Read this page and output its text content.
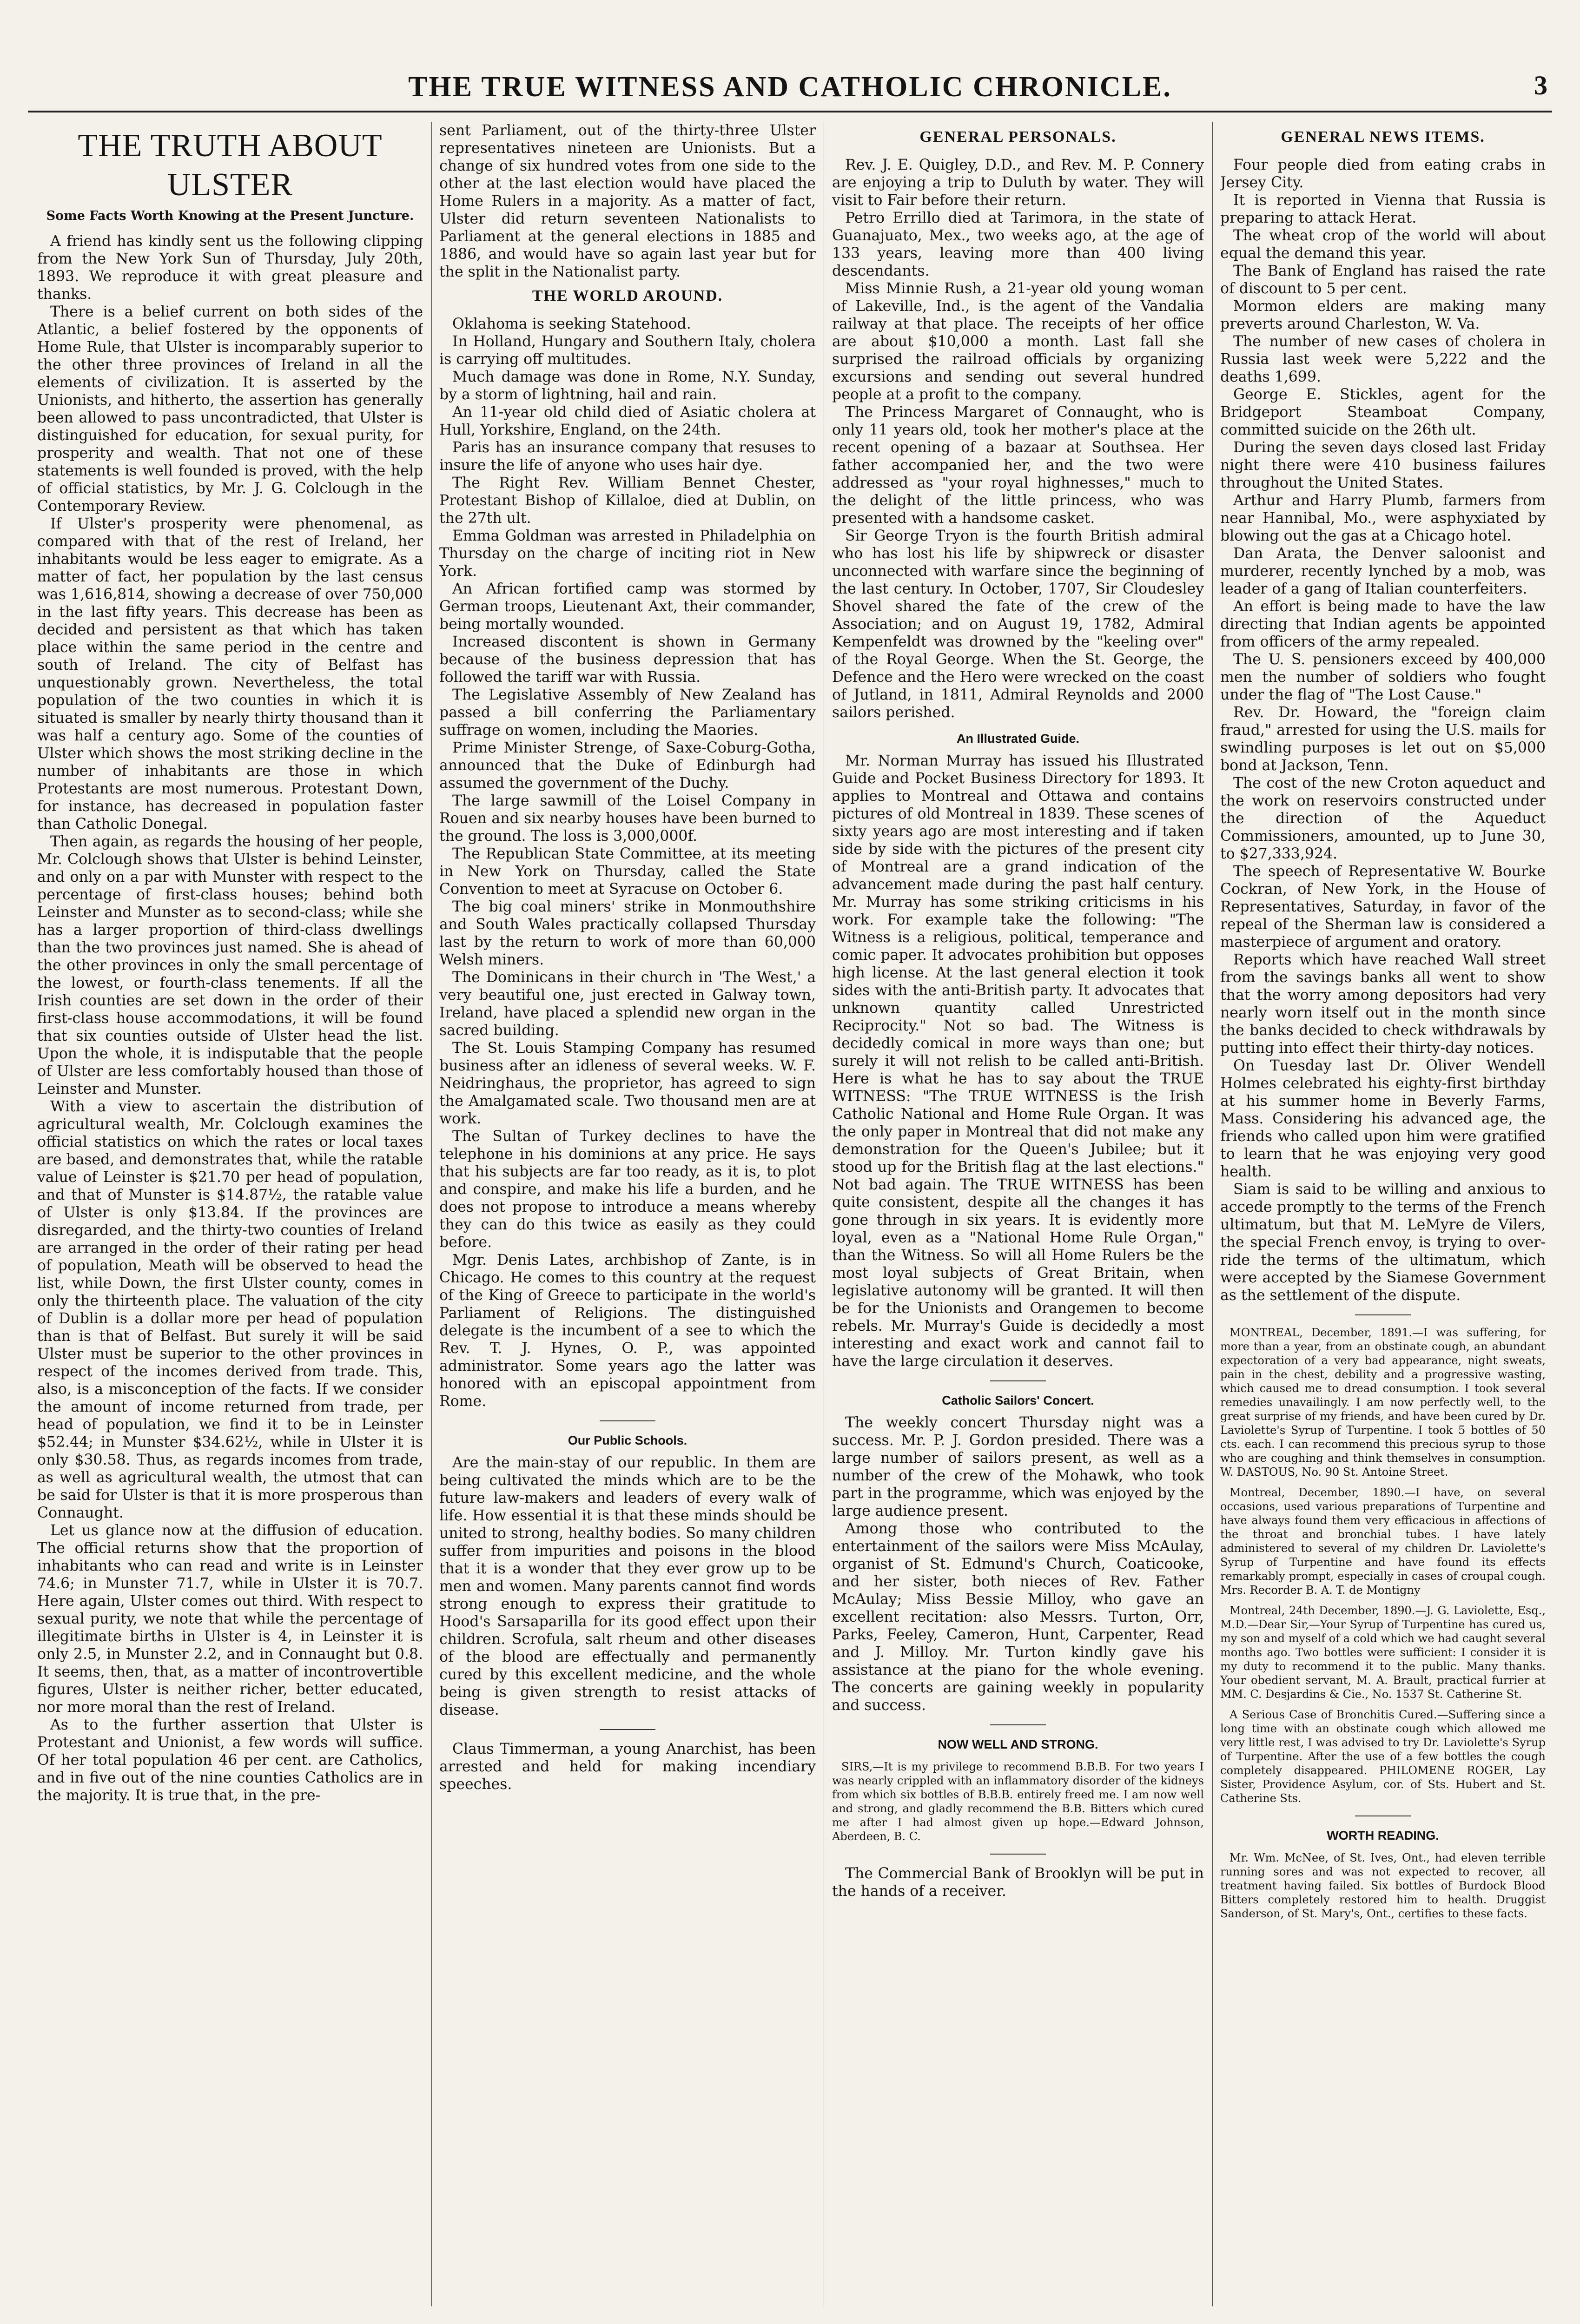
THE TRUE WITNESS AND CATHOLIC CHRONICLE.	3
THE TRUTH ABOUT ULSTER
Some Facts Worth Knowing at the Present Juncture.

A friend has kindly sent us the following clipping from the New York Sun of Thursday, July 20th, 1893. We reproduce it with great pleasure and thanks.

There is a belief current on both sides of the Atlantic, a belief fostered by the opponents of Home Rule, that Ulster is incomparably superior to the other three provinces of Ireland in all the elements of civilization. It is asserted by the Unionists, and hitherto, the assertion has generally been allowed to pass uncontradicted, that Ulster is distinguished for education, for sexual purity, for prosperity and wealth. That not one of these statements is well founded is proved, with the help of official statistics, by Mr. J. G. Colclough in the Contemporary Review.

If Ulster's prosperity were phenomenal, as compared with that of the rest of Ireland, her inhabitants would be less eager to emigrate. As a matter of fact, her population by the last census was 1,616,814, showing a decrease of over 750,000 in the last fifty years. This decrease has been as decided and persistent as that which has taken place within the same period in the centre and south of Ireland. The city of Belfast has unquestionably grown. Nevertheless, the total population of the two counties in which it is situated is smaller by nearly thirty thousand than it was half a century ago. Some of the counties of Ulster which shows the most striking decline in the number of inhabitants are those in which Protestants are most numerous. Protestant Down, for instance, has decreased in population faster than Catholic Donegal.

Then again, as regards the housing of her people, Mr. Colclough shows that Ulster is behind Leinster, and only on a par with Munster with respect to the percentage of first-class houses; behind both Leinster and Munster as to second-class; while she has a larger proportion of third-class dwellings than the two provinces just named. She is ahead of the other provinces in only the small percentage of the lowest, or fourth-class tenements. If all the Irish counties are set down in the order of their first-class house accommodations, it will be found that six counties outside of Ulster head the list. Upon the whole, it is indisputable that the people of Ulster are less comfortably housed than those of Leinster and Munster.

With a view to ascertain the distribution of agricultural wealth, Mr. Colclough examines the official statistics on which the rates or local taxes are based, and demonstrates that, while the ratable value of Leinster is $21.70 per head of population, and that of Munster is $14.87½, the ratable value of Ulster is only $13.84. If the provinces are disregarded, and the thirty-two counties of Ireland are arranged in the order of their rating per head of population, Meath will be observed to head the list, while Down, the first Ulster county, comes in only the thirteenth place. The valuation of the city of Dublin is a dollar more per head of population than is that of Belfast. But surely it will be said Ulster must be superior to the other provinces in respect of the incomes derived from trade. This, also, is a misconception of the facts. If we consider the amount of income returned from trade, per head of population, we find it to be in Leinster $52.44; in Munster $34.62½, while in Ulster it is only $30.58. Thus, as regards incomes from trade, as well as agricultural wealth, the utmost that can be said for Ulster is that it is more prosperous than Connaught.

Let us glance now at the diffusion of education. The official returns show that the proportion of inhabitants who can read and write is in Leinster 74.6; in Munster 71.7, while in Ulster it is 70.7. Here again, Ulster comes out third. With respect to sexual purity, we note that while the percentage of illegitimate births in Ulster is 4, in Leinster it is only 2.5, in Munster 2.2, and in Connaught but 0.8. It seems, then, that, as a matter of incontrovertible figures, Ulster is neither richer, better educated, nor more moral than the rest of Ireland.

As to the further assertion that Ulster is Protestant and Unionist, a few words will suffice. Of her total population 46 per cent. are Catholics, and in five out of the nine counties Catholics are in the majority. It is true that, in the pre-

sent Parliament, out of the thirty-three Ulster representatives nineteen are Unionists. But a change of six hundred votes from one side to the other at the last election would have placed the Home Rulers in a majority. As a matter of fact, Ulster did return seventeen Nationalists to Parliament at the general elections in 1885 and 1886, and would have so again last year but for the split in the Nationalist party.

THE WORLD AROUND.

Oklahoma is seeking Statehood.

In Holland, Hungary and Southern Italy, cholera is carrying off multitudes.

Much damage was done in Rome, N.Y. Sunday, by a storm of lightning, hail and rain.

An 11-year old child died of Asiatic cholera at Hull, Yorkshire, England, on the 24th.

Paris has an insurance company that resuses to insure the life of anyone who uses hair dye.

The Right Rev. William Bennet Chester, Protestant Bishop of Killaloe, died at Dublin, on the 27th ult.

Emma Goldman was arrested in Philadelphia on Thursday on the charge of inciting riot in New York.

An African fortified camp was stormed by German troops, Lieutenant Axt, their commander, being mortally wounded.

Increased discontent is shown in Germany because of the business depression that has followed the tariff war with Russia.

The Legislative Assembly of New Zealand has passed a bill conferring the Parliamentary suffrage on women, including the Maories.

Prime Minister Strenge, of Saxe-Coburg-Gotha, announced that the Duke of Edinburgh had assumed the government of the Duchy.

The large sawmill of the Loisel Company in Rouen and six nearby houses have been burned to the ground. The loss is 3,000,000f.

The Republican State Committee, at its meeting in New York on Thursday, called the State Convention to meet at Syracuse on October 6.

The big coal miners' strike in Monmouthshire and South Wales practically collapsed Thursday last by the return to work of more than 60,000 Welsh miners.

The Dominicans in their church in 'The West,' a very beautiful one, just erected in Galway town, Ireland, have placed a splendid new organ in the sacred building.

The St. Louis Stamping Company has resumed business after an idleness of several weeks. W. F. Neidringhaus, the proprietor, has agreed to sign the Amalgamated scale. Two thousand men are at work.

The Sultan of Turkey declines to have the telephone in his dominions at any price. He says that his subjects are far too ready, as it is, to plot and conspire, and make his life a burden, and he does not propose to introduce a means whereby they can do this twice as easily as they could before.

Mgr. Denis Lates, archbishop of Zante, is in Chicago. He comes to this country at the request of the King of Greece to participate in the world's Parliament of Religions. The distinguished delegate is the incumbent of a see to which the Rev. T. J. Hynes, O. P., was appointed administrator. Some years ago the latter was honored with an episcopal appointment from Rome.

Our Public Schools.

Are the main-stay of our republic. In them are being cultivated the minds which are to be the future law-makers and leaders of every walk of life. How essential it is that these minds should be united to strong, healthy bodies. So many children suffer from impurities and poisons in the blood that it is a wonder that they ever grow up to be men and women. Many parents cannot find words strong enough to express their gratitude to Hood's Sarsaparilla for its good effect upon their children. Scrofula, salt rheum and other diseases of the blood are effectually and permanently cured by this excellent medicine, and the whole being is given strength to resist attacks of disease.

Claus Timmerman, a young Anarchist, has been arrested and held for making incendiary speeches.

GENERAL PERSONALS.

Rev. J. E. Quigley, D.D., and Rev. M. P. Connery are enjoying a trip to Duluth by water. They will visit to Fair before their return.

Petro Errillo died at Tarimora, in the state of Guanajuato, Mex., two weeks ago, at the age of 133 years, leaving more than 400 living descendants.

Miss Minnie Rush, a 21-year old young woman of Lakeville, Ind., is the agent of the Vandalia railway at that place. The receipts of her office are about $10,000 a month. Last fall she surprised the railroad officials by organizing excursions and sending out several hundred people at a profit to the company.

The Princess Margaret of Connaught, who is only 11 years old, took her mother's place at the recent opening of a bazaar at Southsea. Her father accompanied her, and the two were addressed as "your royal highnesses," much to the delight of the little princess, who was presented with a handsome casket.

Sir George Tryon is the fourth British admiral who has lost his life by shipwreck or disaster unconnected with warfare since the beginning of the last century. In October, 1707, Sir Cloudesley Shovel shared the fate of the crew of the Association; and on August 19, 1782, Admiral Kempenfeldt was drowned by the "keeling over" of the Royal George. When the St. George, the Defence and the Hero were wrecked on the coast of Jutland, in 1811, Admiral Reynolds and 2000 sailors perished.

An Illustrated Guide.

Mr. Norman Murray has issued his Illustrated Guide and Pocket Business Directory for 1893. It applies to Montreal and Ottawa and contains pictures of old Montreal in 1839. These scenes of sixty years ago are most interesting and if taken side by side with the pictures of the present city of Montreal are a grand indication of the advancement made during the past half century. Mr. Murray has some striking criticisms in his work. For example take the following: "The Witness is a religious, political, temperance and comic paper. It advocates prohibition but opposes high license. At the last general election it took sides with the anti-British party. It advocates that unknown quantity called Unrestricted Reciprocity." Not so bad. The Witness is decidedly comical in more ways than one; but surely it will not relish to be called anti-British. Here is what he has to say about the TRUE WITNESS: "The TRUE WITNESS is the Irish Catholic National and Home Rule Organ. It was the only paper in Montreal that did not make any demonstration for the Queen's Jubilee; but it stood up for the British flag at the last elections." Not bad again. The TRUE WITNESS has been quite consistent, despite all the changes it has gone through in six years. It is evidently more loyal, even as a "National Home Rule Organ," than the Witness. So will all Home Rulers be the most loyal subjects of Great Britain, when legislative autonomy will be granted. It will then be for the Unionists and Orangemen to become rebels. Mr. Murray's Guide is decidedly a most interesting and exact work and cannot fail to have the large circulation it deserves.

Catholic Sailors' Concert.

The weekly concert Thursday night was a success. Mr. P. J. Gordon presided. There was a large number of sailors present, as well as a number of the crew of the Mohawk, who took part in the programme, which was enjoyed by the large audience present.

Among those who contributed to the entertainment of the sailors were Miss McAulay, organist of St. Edmund's Church, Coaticooke, and her sister, both nieces of Rev. Father McAulay; Miss Bessie Milloy, who gave an excellent recitation: also Messrs. Turton, Orr, Parks, Feeley, Cameron, Hunt, Carpenter, Read and J. Milloy. Mr. Turton kindly gave his assistance at the piano for the whole evening. The concerts are gaining weekly in popularity and success.

NOW WELL AND STRONG.

SIRS,—It is my privilege to recommend B.B.B. For two years I was nearly crippled with an inflammatory disorder of the kidneys from which six bottles of B.B.B. entirely freed me. I am now well and strong, and gladly recommend the B.B. Bitters which cured me after I had almost given up hope.—Edward Johnson, Aberdeen, B. C.

The Commercial Bank of Brooklyn will be put in the hands of a receiver.

GENERAL NEWS ITEMS.

Four people died from eating crabs in Jersey City.

It is reported in Vienna that Russia is preparing to attack Herat.

The wheat crop of the world will about equal the demand this year.

The Bank of England has raised the rate of discount to 5 per cent.

Mormon elders are making many preverts around Charleston, W. Va.

The number of new cases of cholera in Russia last week were 5,222 and the deaths 1,699.

George E. Stickles, agent for the Bridgeport Steamboat Company, committed suicide on the 26th ult.

During the seven days closed last Friday night there were 410 business failures throughout the United States.

Arthur and Harry Plumb, farmers from near Hannibal, Mo., were asphyxiated by blowing out the gas at a Chicago hotel.

Dan Arata, the Denver saloonist and murderer, recently lynched by a mob, was leader of a gang of Italian counterfeiters.

An effort is being made to have the law directing that Indian agents be appointed from officers of the army repealed.

The U. S. pensioners exceed by 400,000 men the number of soldiers who fought under the flag of "The Lost Cause."

Rev. Dr. Howard, the "foreign claim fraud," arrested for using the U.S. mails for swindling purposes is let out on $5,000 bond at Jackson, Tenn.

The cost of the new Croton aqueduct and the work on reservoirs constructed under the direction of the Aqueduct Commissioners, amounted, up to June 30, to $27,333,924.

The speech of Representative W. Bourke Cockran, of New York, in the House of Representatives, Saturday, in favor of the repeal of the Sherman law is considered a masterpiece of argument and oratory.

Reports which have reached Wall street from the savings banks all went to show that the worry among depositors had very nearly worn itself out in the month since the banks decided to check withdrawals by putting into effect their thirty-day notices.

On Tuesday last Dr. Oliver Wendell Holmes celebrated his eighty-first birthday at his summer home in Beverly Farms, Mass. Considering his advanced age, the friends who called upon him were gratified to learn that he was enjoying very good health.

Siam is said to be willing and anxious to accede promptly to the terms of the French ultimatum, but that M. LeMyre de Vilers, the special French envoy, is trying to over-ride the terms of the ultimatum, which were accepted by the Siamese Government as the settlement of the dispute.

MONTREAL, December, 1891.—I was suffering, for more than a year, from an obstinate cough, an abundant expectoration of a very bad appearance, night sweats, pain in the chest, debility and a progressive wasting, which caused me to dread consumption. I took several remedies unavailingly. I am now perfectly well, to the great surprise of my friends, and have been cured by Dr. Laviolette's Syrup of Turpentine. I took 5 bottles of 50 cts. each. I can recommend this precious syrup to those who are coughing and think themselves in consumption. W. DASTOUS, No. 90 St. Antoine Street.

Montreal, December, 1890.—I have, on several occasions, used various preparations of Turpentine and have always found them very efficacious in affections of the throat and bronchial tubes. I have lately administered to several of my children Dr. Laviolette's Syrup of Turpentine and have found its effects remarkably prompt, especially in cases of croupal cough. Mrs. Recorder B. A. T. de Montigny

Montreal, 24th December, 1890.—J. G. Laviolette, Esq., M.D.—Dear Sir,—Your Syrup of Turpentine has cured us, my son and myself of a cold which we had caught several months ago. Two bottles were sufficient: I consider it is my duty to recommend it to the public. Many thanks. Your obedient servant, M. A. Brault, practical furrier at MM. C. Desjardins & Cie., No. 1537 St. Catherine St.

A Serious Case of Bronchitis Cured.—Suffering since a long time with an obstinate cough which allowed me very little rest, I was advised to try Dr. Laviolette's Syrup of Turpentine. After the use of a few bottles the cough completely disappeared. PHILOMENE ROGER, Lay Sister, Providence Asylum, cor. of Sts. Hubert and St. Catherine Sts.

WORTH READING.

Mr. Wm. McNee, of St. Ives, Ont., had eleven terrible running sores and was not expected to recover, all treatment having failed. Six bottles of Burdock Blood Bitters completely restored him to health. Druggist Sanderson, of St. Mary's, Ont., certifies to these facts.
